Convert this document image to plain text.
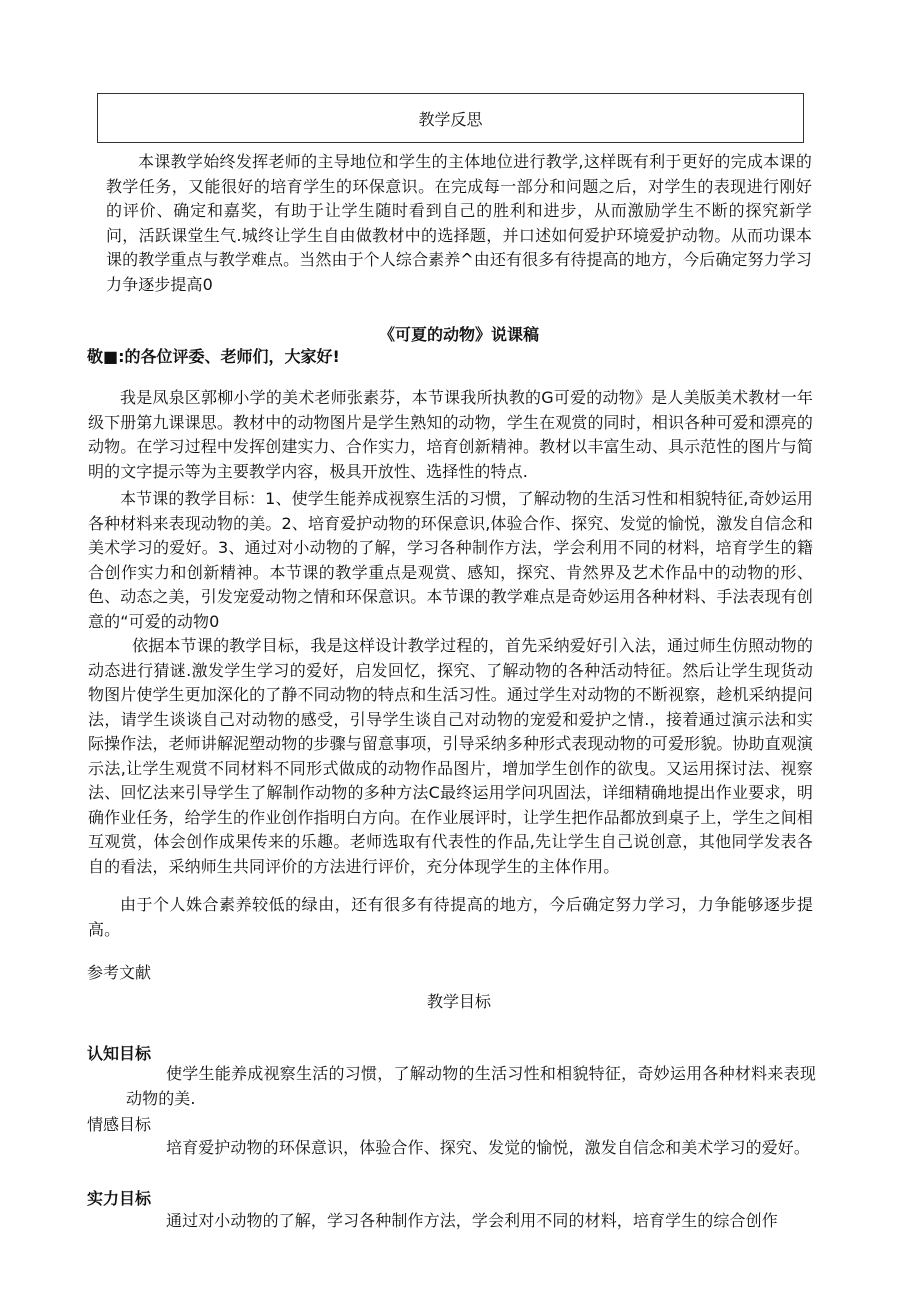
教学反思
本课教学始终发挥老师的主导地位和学生的主体地位进行教学,这样既有利于更好的完成本课的教学任务，又能很好的培育学生的环保意识。在完成每一部分和问题之后，对学生的表现进行刚好的评价、确定和嘉奖，有助于让学生随时看到自己的胜利和进步，从而激励学生不断的探究新学问，活跃课堂生气.城终让学生自由做教材中的选择题，并口述如何爱护环境爱护动物。从而功课本课的教学重点与教学难点。当然由于个人综合素养^由还有很多有待提高的地方，今后确定努力学习力争逐步提高0
《可夏的动物》说课稿
敬■:的各位评委、老师们，大家好!
我是凤泉区郭柳小学的美术老师张素芬，本节课我所执教的G可爱的动物》是人美版美术教材一年级下册第九课课思。教材中的动物图片是学生熟知的动物，学生在观赏的同时，相识各种可爱和漂亮的动物。在学习过程中发挥创建实力、合作实力，培育创新精神。教材以丰富生动、具示范性的图片与简明的文字提示等为主要教学内容，极具开放性、选择性的特点.
本节课的教学目标：1、使学生能养成视察生活的习惯，了解动物的生活习性和相貌特征,奇妙运用各种材料来表现动物的美。2、培育爱护动物的环保意识,体验合作、探究、发觉的愉悦，激发自信念和美术学习的爱好。3、通过对小动物的了解，学习各种制作方法，学会利用不同的材料，培育学生的籍合创作实力和创新精神。本节课的教学重点是观赏、感知，探究、肯然界及艺术作品中的动物的形、色、动态之美，引发宠爱动物之情和环保意识。本节课的教学难点是奇妙运用各种材料、手法表现有创意的“可爱的动物0
依据本节课的教学目标，我是这样设计教学过程的，首先采纳爱好引入法，通过师生仿照动物的动态进行猜谜.激发学生学习的爱好，启发回忆，探究、了解动物的各种活动特征。然后让学生现货动物图片使学生更加深化的了静不同动物的特点和生活习性。通过学生对动物的不断视察，趁机采纳提问法，请学生谈谈自己对动物的感受，引导学生谈自己对动物的宠爱和爱护之情.，接着通过演示法和实际操作法，老师讲解泥塑动物的步骤与留意事项，引导采纳多种形式表现动物的可爱形貌。协助直观演示法,让学生观赏不同材料不同形式做成的动物作品图片，增加学生创作的欲曳。又运用探讨法、视察法、回忆法来引导学生了解制作动物的多种方法C最终运用学问巩固法，详细精确地提出作业要求，明确作业任务，给学生的作业创作指明白方向。在作业展评时，让学生把作品都放到桌子上，学生之间相互观赏，体会创作成果传来的乐趣。老师选取有代表性的作品,先让学生自己说创意，其他同学发表各自的看法，采纳师生共同评价的方法进行评价，充分体现学生的主体作用。
由于个人姝合素养较低的绿由，还有很多有待提高的地方，今后确定努力学习，力争能够逐步提高。
参考文献
教学目标
认知目标
使学生能养成视察生活的习惯，了解动物的生活习性和相貌特征，奇妙运用各种材料来表现动物的美.
情感目标
培育爱护动物的环保意识，体验合作、探究、发觉的愉悦，激发自信念和美术学习的爱好。
实力目标
通过对小动物的了解，学习各种制作方法，学会利用不同的材料，培育学生的综合创作
